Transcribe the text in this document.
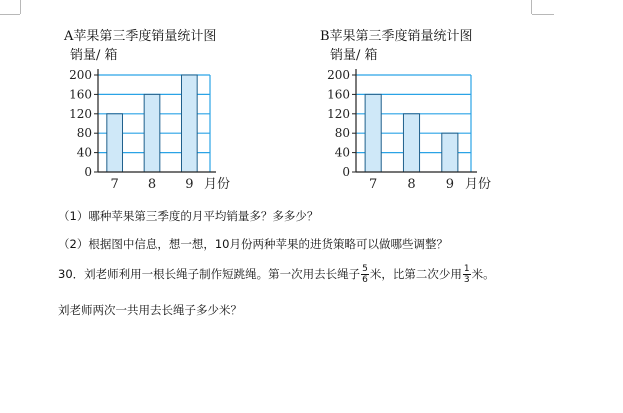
A苹果第三季度销量统计图
销量/ 箱
0
40
80
120
160
200
7 8 9 月份
B苹果第三季度销量统计图
销量/ 箱
0
40
80
120
160
200
7 8 9 月份
（1）哪种苹果第三季度的月平均销量多？多多少？
（2）根据图中信息，想一想，10月份两种苹果的进货策略可以做哪些调整？
30．刘老师利用一根长绳子制作短跳绳。第一次用去长绳子 $\frac{5}{6}$ 米，比第二次少用 $\frac{1}{3}$ 米。
刘老师两次一共用去长绳子多少米？
